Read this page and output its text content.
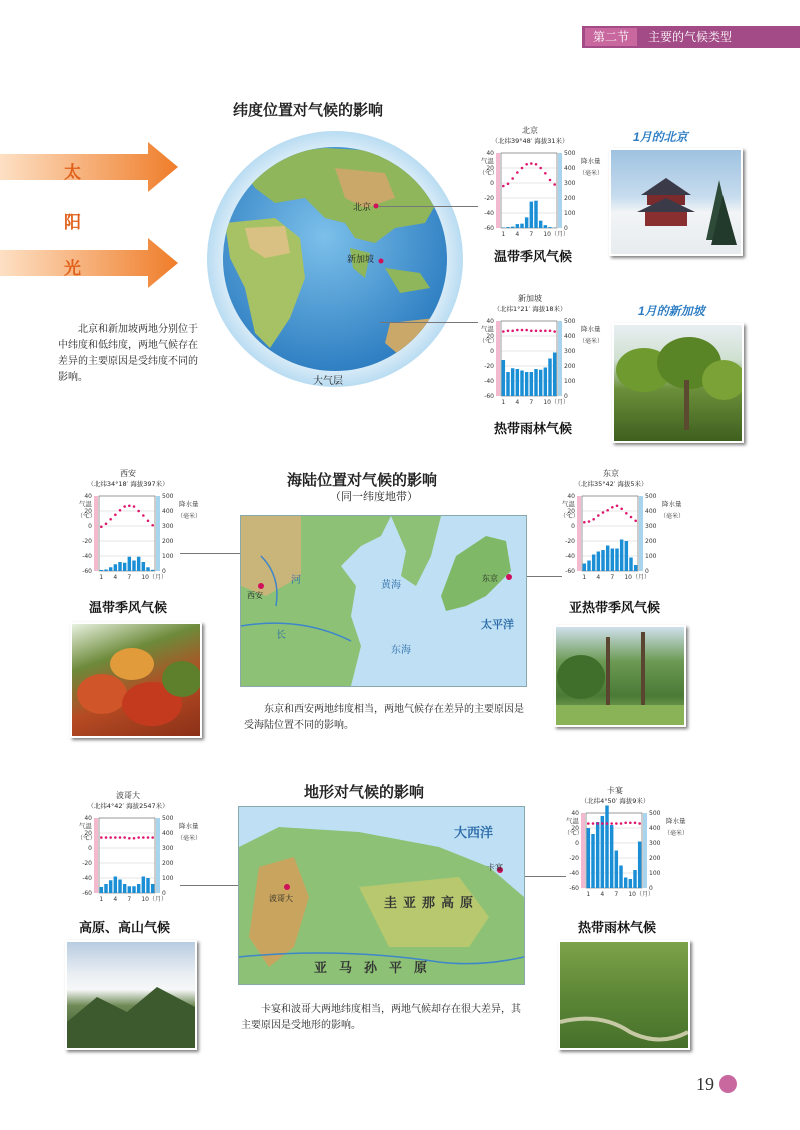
第二节	主要的气候类型
纬度位置对气候的影响
太
阳
光
北京
新加坡
大气层
北京和新加坡两地分别位于中纬度和低纬度，两地气候存在差异的主要原因是受纬度不同的影响。
北京
（北纬39°48′ 海拔31米）
40
20
0
-20
-40
-60
500
400
300
200
100
0
气温
（℃）
降水量
（毫米）
1 4 7 10（月）
温带季风气候
新加坡
（北纬1°21′ 海拔18米）
40
20
0
-20
-40
-60
500
400
300
200
100
0
气温
（℃）
降水量
（毫米）
1 4 7 10（月）
热带雨林气候
1月的北京
1月的新加坡
海陆位置对气候的影响
（同一纬度地带）
西安
（北纬34°18′ 海拔397米）
40
20
0
-20
-40
-60
500
400
300
200
100
0
气温
（℃）
降水量
（毫米）
1 4 7 10（月）
温带季风气候
东京
（北纬35°42′ 海拔5米）
40
20
0
-20
-40
-60
500
400
300
200
100
0
气温
（℃）
降水量
（毫米）
1 4 7 10（月）
亚热带季风气候
西安
东京
黄海
东海
太平洋
长
河
东京和西安两地纬度相当，两地气候存在差异的主要原因是受海陆位置不同的影响。
地形对气候的影响
波哥大
（北纬4°42′ 海拔2547米）
40
20
0
-20
-40
-60
500
400
300
200
100
0
气温
（℃）
降水量
（毫米）
1 4 7 10（月）
高原、高山气候
卡宴
（北纬4°50′ 海拔9米）
40
20
0
-20
-40
-60
500
400
300
200
100
0
气温
（℃）
降水量
（毫米）
1 4 7 10（月）
热带雨林气候
波哥大
卡宴
圭亚那高原
大西洋
亚马孙平原
卡宴和波哥大两地纬度相当，两地气候却存在很大差异，其主要原因是受地形的影响。
19
